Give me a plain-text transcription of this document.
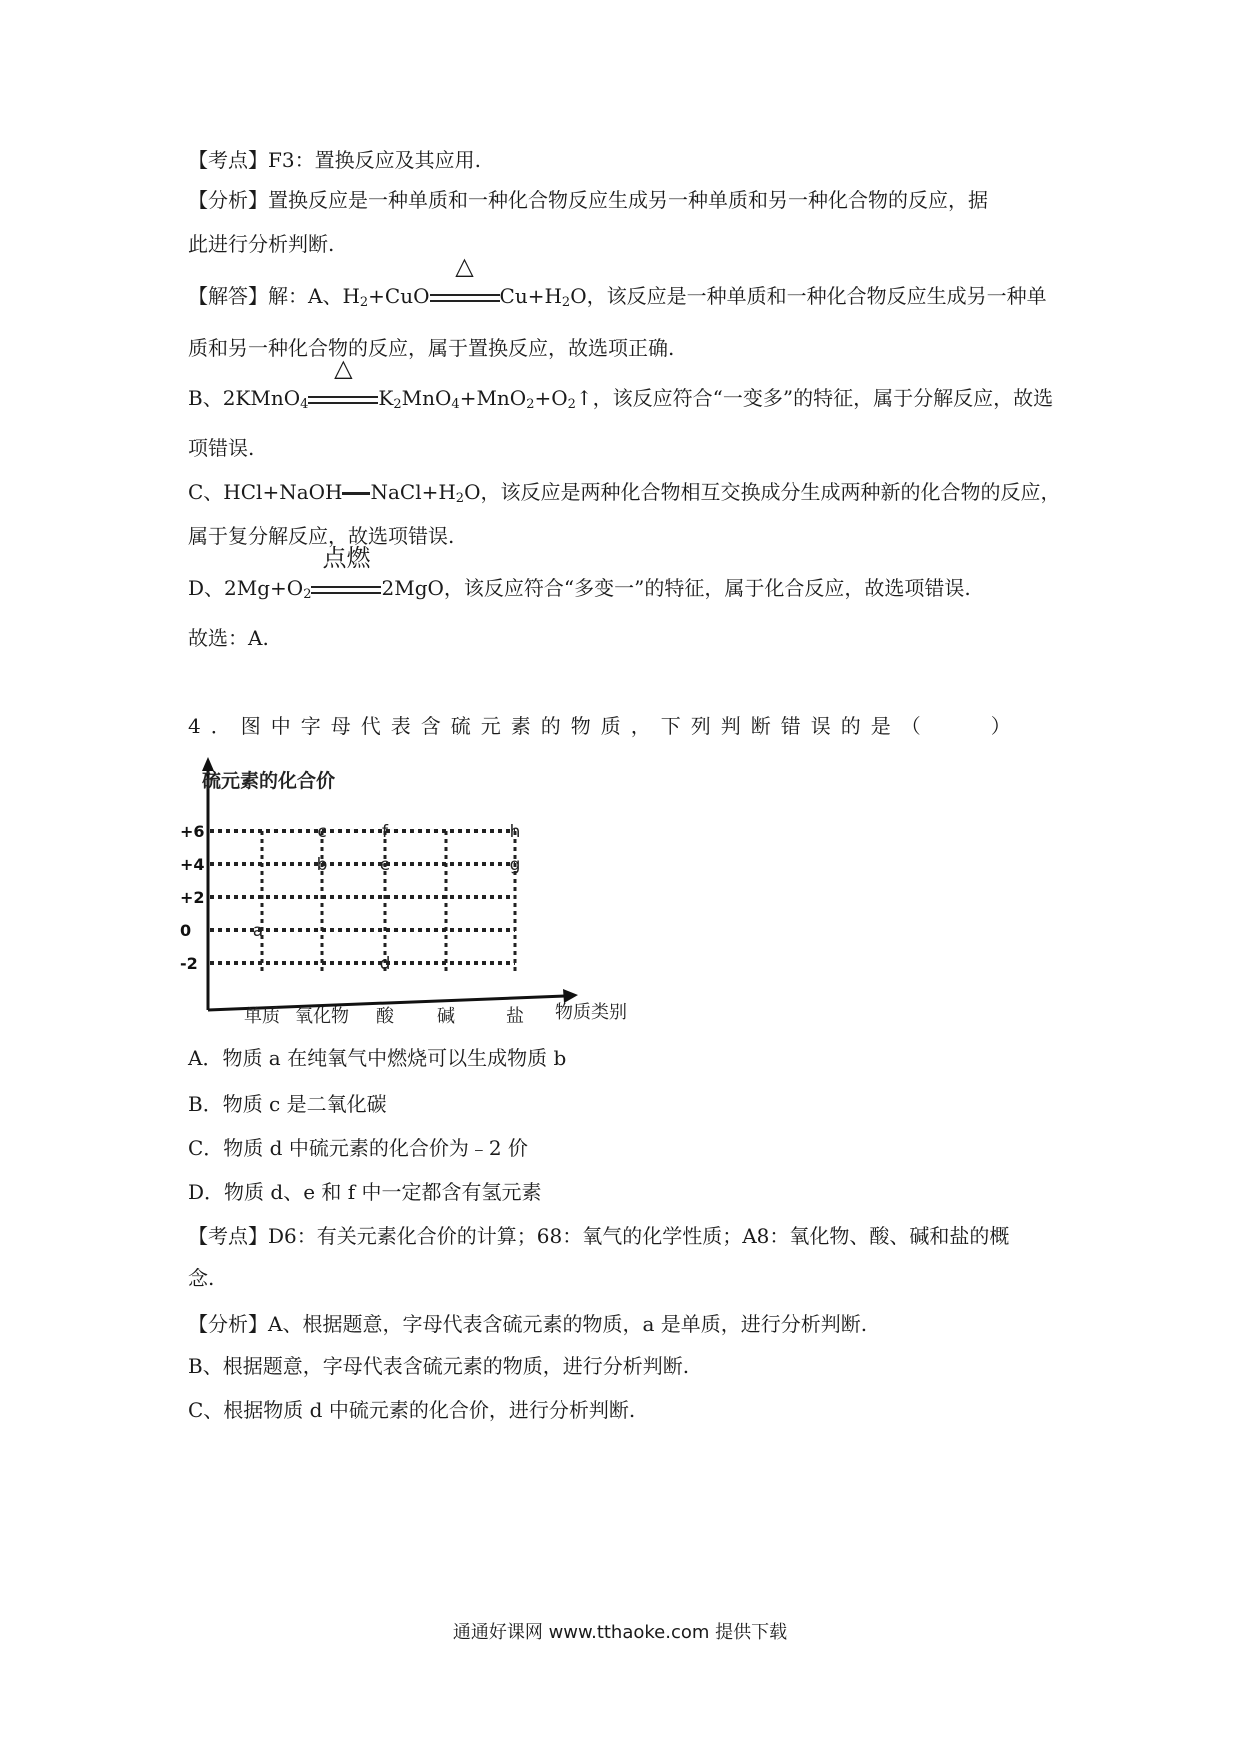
【考点】F3：置换反应及其应用.
【分析】置换反应是一种单质和一种化合物反应生成另一种单质和另一种化合物的反应，据
此进行分析判断.
【解答】解：A、$H_2+CuO$
△
$Cu+H_2O$，该反应是一种单质和一种化合物反应生成另一种单
质和另一种化合物的反应，属于置换反应，故选项正确.
B、2KMnO$_4$
△
$K_2MnO_4+MnO_2+O_2↑$，该反应符合“一变多”的特征，属于分解反应，故选
项错误.
C、HCl+NaOH $NaCl+H_2O$，该反应是两种化合物相互交换成分生成两种新的化合物的反应，
属于复分解反应，故选项错误.
D、$2Mg+O_2$
点燃
2MgO，该反应符合“多变一”的特征，属于化合反应，故选项错误.
故选：A.
4．图中字母代表含硫元素的物质，下列判断错误的是（　　）
硫元素的化合价
物质类别
+6
+4
+2
0
-2
单质 氧化物 酸 碱	盐
a
b
c
d
e
f
g
h
A．物质 a 在纯氧气中燃烧可以生成物质 b
B．物质 c 是二氧化碳
C．物质 d 中硫元素的化合价为﹣2 价
D．物质 d、e 和 f 中一定都含有氢元素
【考点】D6：有关元素化合价的计算；68：氧气的化学性质；A8：氧化物、酸、碱和盐的概
念.
【分析】A、根据题意，字母代表含硫元素的物质，a 是单质，进行分析判断.
B、根据题意，字母代表含硫元素的物质，进行分析判断.
C、根据物质 d 中硫元素的化合价，进行分析判断.
通通好课网 www.tthaoke.com 提供下载
